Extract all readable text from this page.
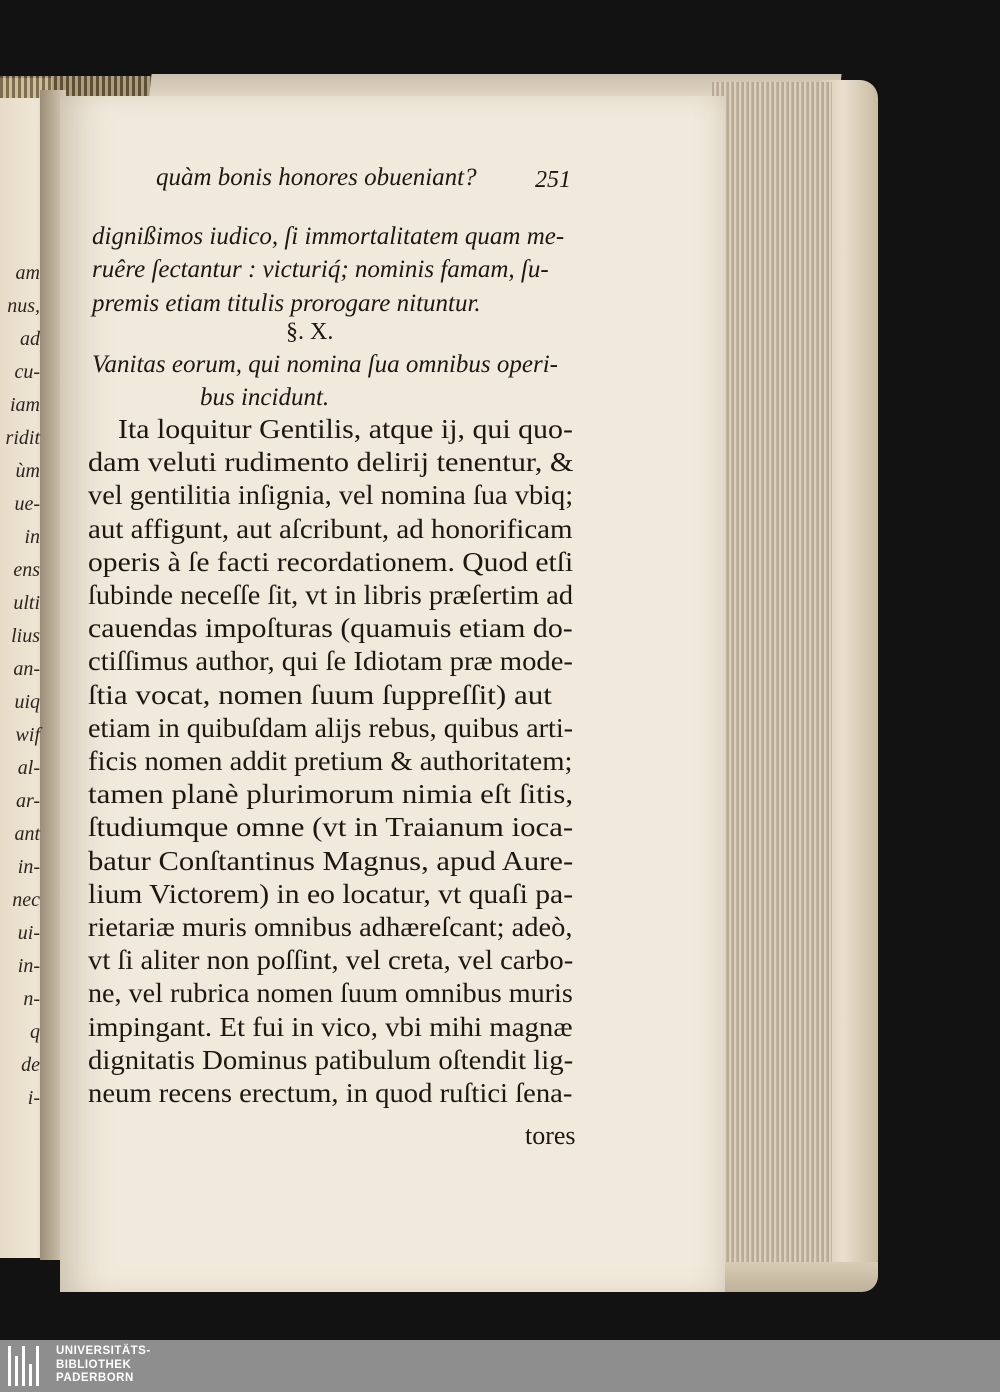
am
nus,
ad
cu-
iam
ridit
ùm
ue-
in
ens
ulti
lius
an-
uiq
wif
al-
ar-
ant
in-
nec
ui-
in-
n-
q
de
i-
quàm bonis honores obueniant? 251
dignißimos iudico, ſi immortalitatem quam me-
ruêre ſectantur : victuriq́; nominis famam, ſu-
premis etiam titulis prorogare nituntur.
§. X.
Vanitas eorum, qui nomina ſua omnibus operi-
bus incidunt.
Ita loquitur Gentilis, atque ij, qui quo-
dam veluti rudimento delirij tenentur, &
vel gentilitia inſignia, vel nomina ſua vbiq;
aut affigunt, aut aſcribunt, ad honorificam
operis à ſe facti recordationem. Quod etſi
ſubinde neceſſe ſit, vt in libris præſertim ad
cauendas impoſturas (quamuis etiam do-
ctiſſimus author, qui ſe Idiotam præ mode-
ſtia vocat, nomen ſuum ſuppreſſit) aut
etiam in quibuſdam alijs rebus, quibus arti-
ficis nomen addit pretium & authoritatem;
tamen planè plurimorum nimia eſt ſitis,
ſtudiumque omne (vt in Traianum ioca-
batur Conſtantinus Magnus, apud Aure-
lium Victorem) in eo locatur, vt quaſi pa-
rietariæ muris omnibus adhæreſcant; adeò,
vt ſi aliter non poſſint, vel creta, vel carbo-
ne, vel rubrica nomen ſuum omnibus muris
impingant. Et fui in vico, vbi mihi magnæ
dignitatis Dominus patibulum oſtendit lig-
neum recens erectum, in quod ruſtici ſena-
tores
UNIVERSITÄTS-
BIBLIOTHEK
PADERBORN
